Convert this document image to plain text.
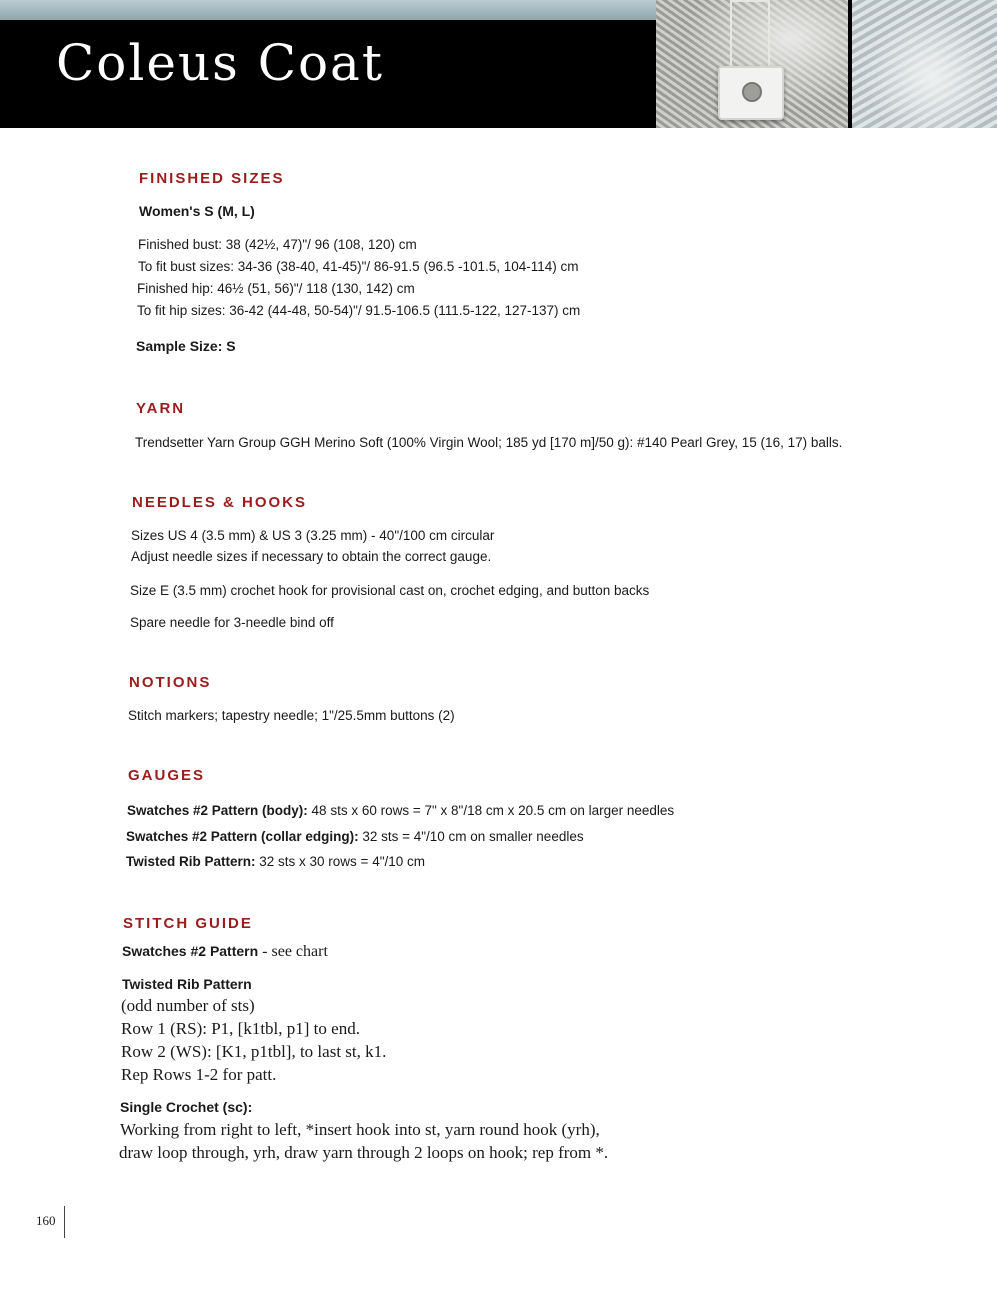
Coleus Coat
FINISHED SIZES

Women's S (M, L)

Finished bust: 38 (42½, 47)"/ 96 (108, 120) cm

To fit bust sizes: 34-36 (38-40, 41-45)"/ 86-91.5 (96.5 -101.5, 104-114) cm

Finished hip: 46½ (51, 56)"/ 118 (130, 142) cm

To fit hip sizes: 36-42 (44-48, 50-54)"/ 91.5-106.5 (111.5-122, 127-137) cm

Sample Size: S

YARN

Trendsetter Yarn Group GGH Merino Soft (100% Virgin Wool; 185 yd [170 m]/50 g): #140 Pearl Grey, 15 (16, 17) balls.

NEEDLES & HOOKS

Sizes US 4 (3.5 mm) & US 3 (3.25 mm) - 40"/100 cm circular

Adjust needle sizes if necessary to obtain the correct gauge.

Size E (3.5 mm) crochet hook for provisional cast on, crochet edging, and button backs

Spare needle for 3-needle bind off

NOTIONS

Stitch markers; tapestry needle; 1"/25.5mm buttons (2)

GAUGES

Swatches #2 Pattern (body): 48 sts x 60 rows = 7" x 8"/18 cm x 20.5 cm on larger needles

Swatches #2 Pattern (collar edging): 32 sts = 4"/10 cm on smaller needles

Twisted Rib Pattern: 32 sts x 30 rows = 4"/10 cm

STITCH GUIDE

Swatches #2 Pattern - see chart

Twisted Rib Pattern

(odd number of sts)

Row 1 (RS): P1, [k1tbl, p1] to end.

Row 2 (WS): [K1, p1tbl], to last st, k1.

Rep Rows 1-2 for patt.

Single Crochet (sc):

Working from right to left, *insert hook into st, yarn round hook (yrh),

draw loop through, yrh, draw yarn through 2 loops on hook; rep from *.

160
